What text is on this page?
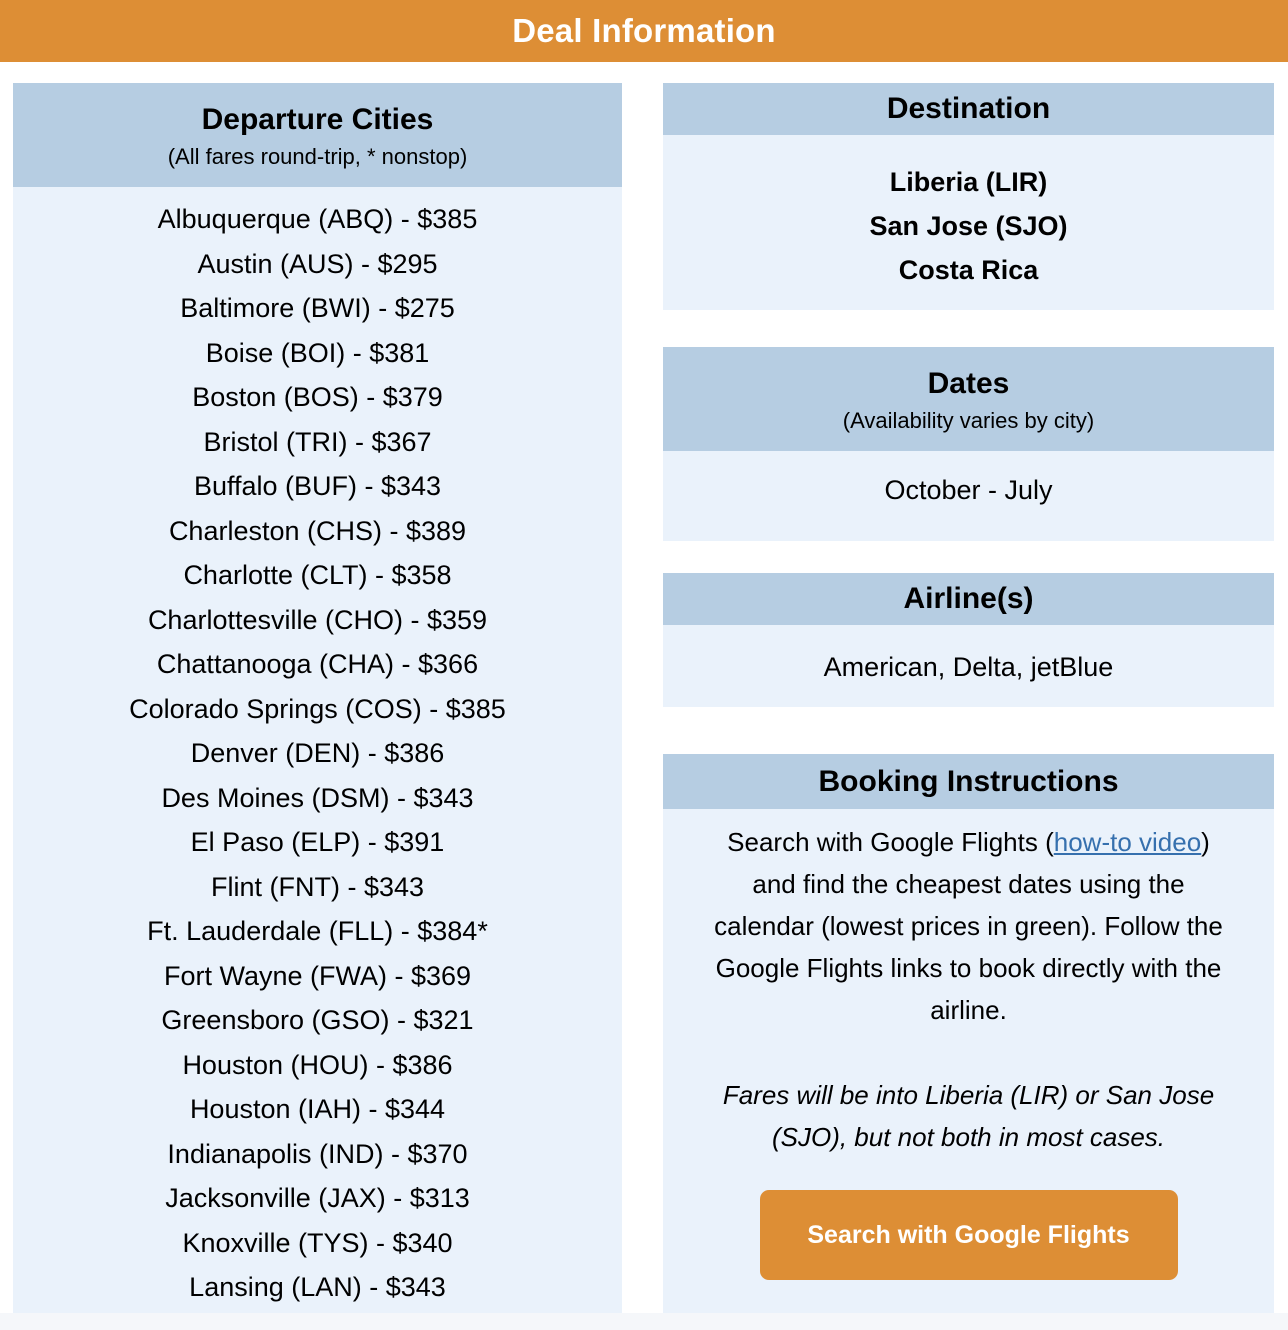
Deal Information
Departure Cities
(All fares round-trip, * nonstop)
Albuquerque (ABQ) - $385
Austin (AUS) - $295
Baltimore (BWI) - $275
Boise (BOI) - $381
Boston (BOS) - $379
Bristol (TRI) - $367
Buffalo (BUF) - $343
Charleston (CHS) - $389
Charlotte (CLT) - $358
Charlottesville (CHO) - $359
Chattanooga (CHA) - $366
Colorado Springs (COS) - $385
Denver (DEN) - $386
Des Moines (DSM) - $343
El Paso (ELP) - $391
Flint (FNT) - $343
Ft. Lauderdale (FLL) - $384*
Fort Wayne (FWA) - $369
Greensboro (GSO) - $321
Houston (HOU) - $386
Houston (IAH) - $344
Indianapolis (IND) - $370
Jacksonville (JAX) - $313
Knoxville (TYS) - $340
Lansing (LAN) - $343
Destination
Liberia (LIR)
San Jose (SJO)
Costa Rica
Dates
(Availability varies by city)
October - July
Airline(s)
American, Delta, jetBlue
Booking Instructions

Search with Google Flights (how-to video) and find the cheapest dates using the calendar (lowest prices in green). Follow the Google Flights links to book directly with the airline.

Fares will be into Liberia (LIR) or San Jose (SJO), but not both in most cases.

Search with Google Flights
